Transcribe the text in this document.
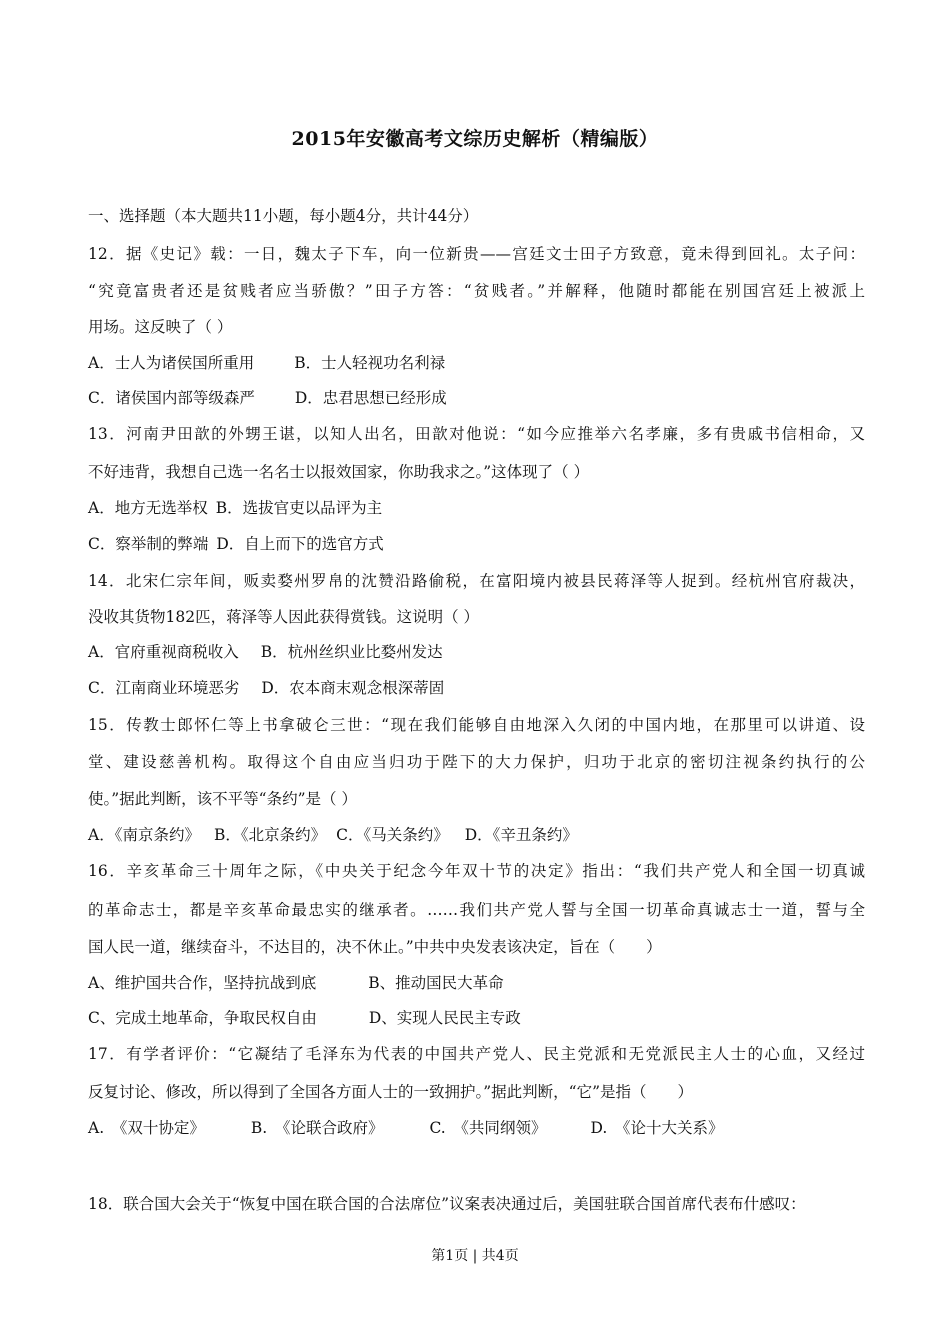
2015年安徽高考文综历史解析（精编版）
一、选择题（本大题共11小题，每小题4分，共计44分）
12．据《史记》载：一日，魏太子下车，向一位新贵——宫廷文士田子方致意，竟未得到回礼。太子问：
“究竟富贵者还是贫贱者应当骄傲？”田子方答：“贫贱者。”并解释，他随时都能在别国宫廷上被派上
用场。这反映了（ ）
A．士人为诸侯国所重用	B．士人轻视功名利禄
C．诸侯国内部等级森严	D．忠君思想已经形成
13．河南尹田歆的外甥王谌，以知人出名，田歆对他说：“如今应推举六名孝廉，多有贵戚书信相命，又
不好违背，我想自己选一名名士以报效国家，你助我求之。”这体现了（ ）
A．地方无选举权 B．选拔官吏以品评为主
C．察举制的弊端 D．自上而下的选官方式
14．北宋仁宗年间，贩卖婺州罗帛的沈赞沿路偷税，在富阳境内被县民蒋泽等人捉到。经杭州官府裁决，
没收其货物182匹，蒋泽等人因此获得赏钱。这说明（ ）
A．官府重视商税收入 B．杭州丝织业比婺州发达
C．江南商业环境恶劣 D．农本商末观念根深蒂固
15．传教士郎怀仁等上书拿破仑三世：“现在我们能够自由地深入久闭的中国内地，在那里可以讲道、设
堂、建设慈善机构。取得这个自由应当归功于陛下的大力保护，归功于北京的密切注视条约执行的公
使。”据此判断，该不平等“条约”是（ ）
A．《南京条约》 B．《北京条约》 C．《马关条约》 D．《辛丑条约》
16．辛亥革命三十周年之际，《中央关于纪念今年双十节的决定》指出：“我们共产党人和全国一切真诚
的革命志士，都是辛亥革命最忠实的继承者。……我们共产党人誓与全国一切革命真诚志士一道，誓与全
国人民一道，继续奋斗，不达目的，决不休止。”中共中央发表该决定，旨在（　　）
A、维护国共合作，坚持抗战到底	B、推动国民大革命
C、完成土地革命，争取民权自由	D、实现人民民主专政
17．有学者评价：“它凝结了毛泽东为代表的中国共产党人、民主党派和无党派民主人士的心血，又经过
反复讨论、修改，所以得到了全国各方面人士的一致拥护。”据此判断，“它”是指（　　）
A.　《双十协定》	B.　《论联合政府》	C.　《共同纲领》	D.　《论十大关系》
18．联合国大会关于“恢复中国在联合国的合法席位”议案表决通过后，美国驻联合国首席代表布什感叹：
第1页 | 共4页
